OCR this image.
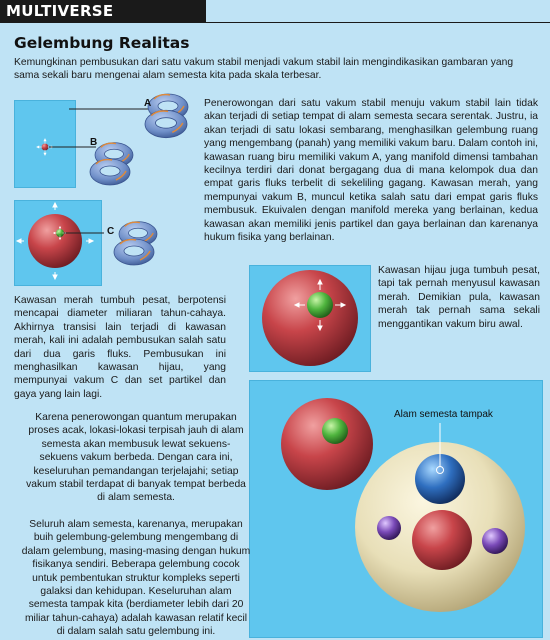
MULTIVERSE
Gelembung Realitas
Kemungkinan pembusukan dari satu vakum stabil menjadi vakum stabil lain mengindikasikan gambaran yang sama sekali baru mengenai alam semesta kita pada skala terbesar.
A
B
Penerowongan dari satu vakum stabil menuju vakum stabil lain tidak akan terjadi di setiap tempat di alam semesta secara serentak. Justru, ia akan terjadi di satu lokasi sembarang, menghasilkan gelembung ruang yang mengembang (panah) yang memiliki vakum baru. Dalam contoh ini, kawasan ruang biru memiliki vakum A, yang manifold dimensi tambahan kecilnya terdiri dari donat bergagang dua di mana kelompok dua dan empat garis fluks terbelit di sekeliling gagang. Kawasan merah, yang mempunyai vakum B, muncul ketika salah satu dari empat garis fluks membusuk. Ekuivalen dengan manifold mereka yang berlainan, kedua kawasan akan memiliki jenis partikel dan gaya berlainan dan karenanya hukum fisika yang berlainan.
C
Kawasan merah tumbuh pesat, berpotensi mencapai diameter miliaran tahun-cahaya. Akhirnya transisi lain terjadi di kawasan merah, kali ini adalah pembusukan salah satu dari dua garis fluks. Pembusukan ini menghasilkan kawasan hijau, yang mempunyai vakum C dan set partikel dan gaya yang lain lagi.
Kawasan hijau juga tumbuh pesat, tapi tak pernah menyusul kawasan merah. Demikian pula, kawasan merah tak pernah sama sekali menggantikan vakum biru awal.
Alam semesta tampak
Karena penerowongan quantum merupakan proses acak, lokasi-lokasi terpisah jauh di alam semesta akan membusuk lewat sekuens-sekuens vakum berbeda. Dengan cara ini, keseluruhan pemandangan terjelajahi; setiap vakum stabil terdapat di banyak tempat berbeda di alam semesta.
Seluruh alam semesta, karenanya, merupakan buih gelembung-gelembung mengembang di dalam gelembung, masing-masing dengan hukum fisikanya sendiri. Beberapa gelembung cocok untuk pembentukan struktur kompleks seperti galaksi dan kehidupan. Keseluruhan alam semesta tampak kita (berdiameter lebih dari 20 miliar tahun-cahaya) adalah kawasan relatif kecil di dalam salah satu gelembung ini.
